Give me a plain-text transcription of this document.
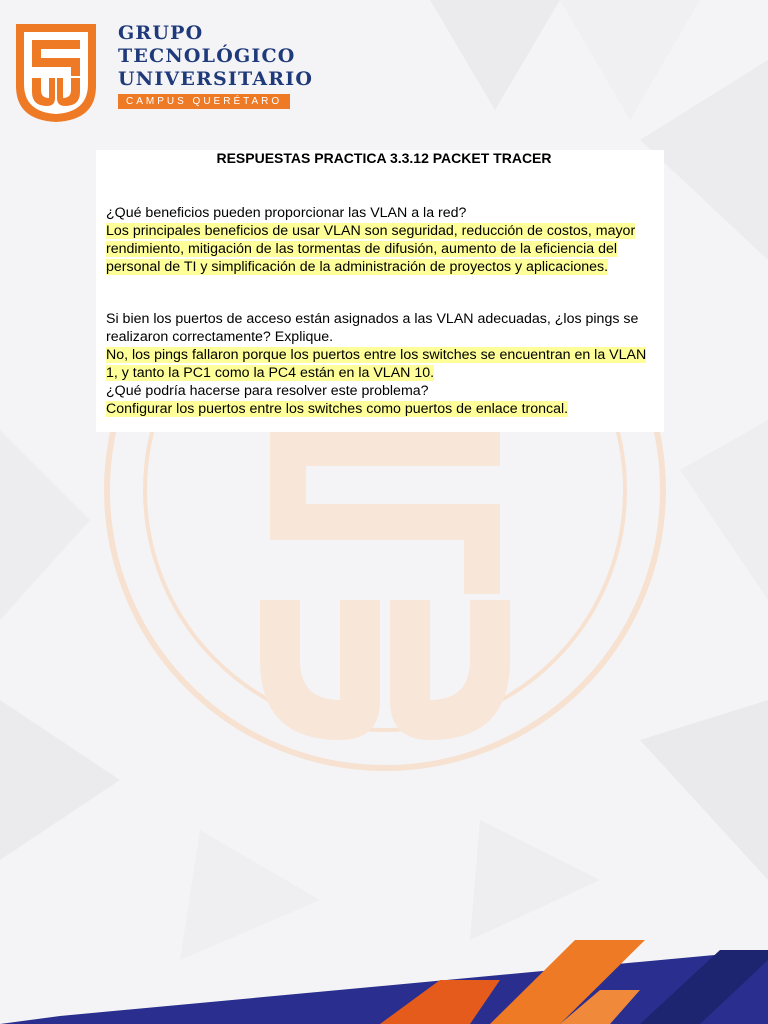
GRUPO
TECNOLÓGICO
UNIVERSITARIO
CAMPUS QUERÉTARO
RESPUESTAS PRACTICA 3.3.12 PACKET TRACER

¿Qué beneficios pueden proporcionar las VLAN a la red?

Los principales beneficios de usar VLAN son seguridad, reducción de costos, mayor rendimiento, mitigación de las tormentas de difusión, aumento de la eficiencia del personal de TI y simplificación de la administración de proyectos y aplicaciones.

Si bien los puertos de acceso están asignados a las VLAN adecuadas, ¿los pings se realizaron correctamente? Explique.

No, los pings fallaron porque los puertos entre los switches se encuentran en la VLAN 1, y tanto la PC1 como la PC4 están en la VLAN 10.

¿Qué podría hacerse para resolver este problema?

Configurar los puertos entre los switches como puertos de enlace troncal.
